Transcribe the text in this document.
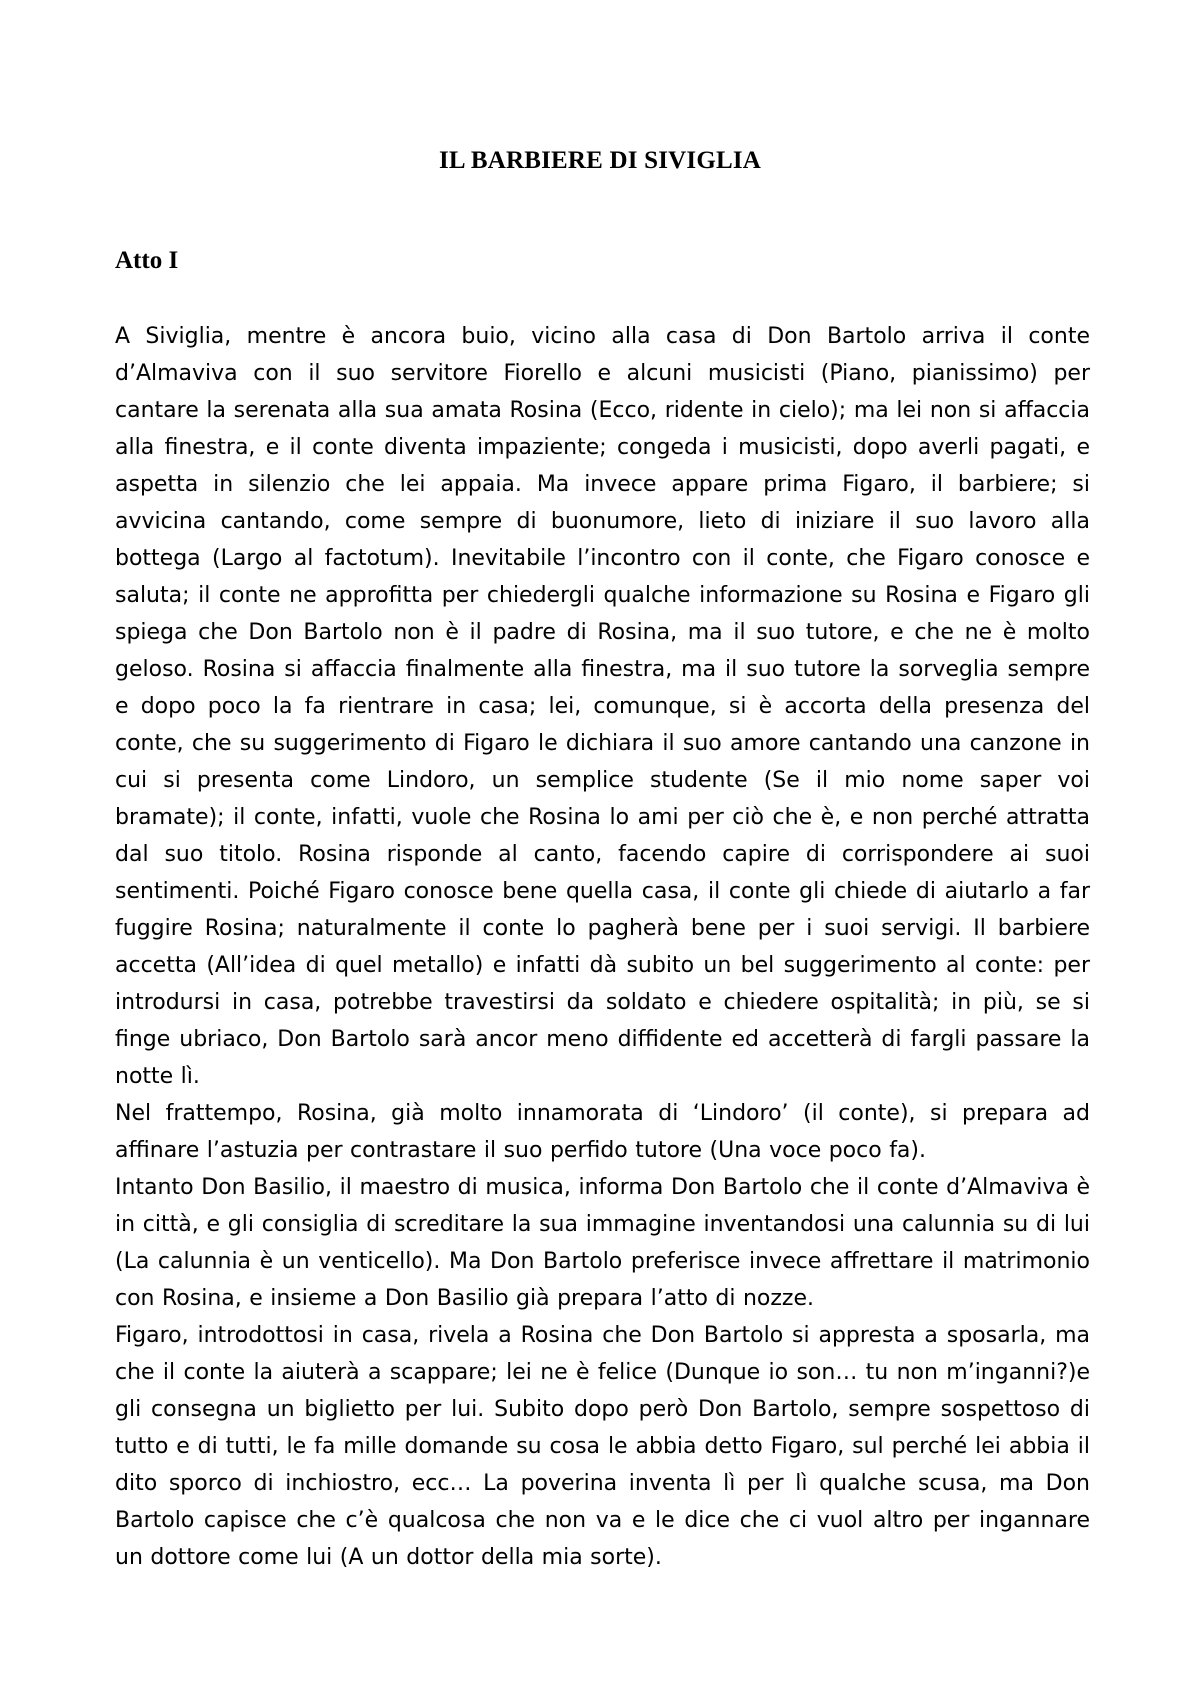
IL BARBIERE DI SIVIGLIA
Atto I

A Siviglia, mentre è ancora buio, vicino alla casa di Don Bartolo arriva il conte d’Almaviva con il suo servitore Fiorello e alcuni musicisti (Piano, pianissimo) per cantare la serenata alla sua amata Rosina (Ecco, ridente in cielo); ma lei non si affaccia alla finestra, e il conte diventa impaziente; congeda i musicisti, dopo averli pagati, e aspetta in silenzio che lei appaia. Ma invece appare prima Figaro, il barbiere; si avvicina cantando, come sempre di buonumore, lieto di iniziare il suo lavoro alla bottega (Largo al factotum). Inevitabile l’incontro con il conte, che Figaro conosce e saluta; il conte ne approfitta per chiedergli qualche informazione su Rosina e Figaro gli spiega che Don Bartolo non è il padre di Rosina, ma il suo tutore, e che ne è molto geloso. Rosina si affaccia finalmente alla finestra, ma il suo tutore la sorveglia sempre e dopo poco la fa rientrare in casa; lei, comunque, si è accorta della presenza del conte, che su suggerimento di Figaro le dichiara il suo amore cantando una canzone in cui si presenta come Lindoro, un semplice studente (Se il mio nome saper voi bramate); il conte, infatti, vuole che Rosina lo ami per ciò che è, e non perché attratta dal suo titolo. Rosina risponde al canto, facendo capire di corrispondere ai suoi sentimenti. Poiché Figaro conosce bene quella casa, il conte gli chiede di aiutarlo a far fuggire Rosina; naturalmente il conte lo pagherà bene per i suoi servigi. Il barbiere accetta (All’idea di quel metallo) e infatti dà subito un bel suggerimento al conte: per introdursi in casa, potrebbe travestirsi da soldato e chiedere ospitalità; in più, se si finge ubriaco, Don Bartolo sarà ancor meno diffidente ed accetterà di fargli passare la notte lì.

Nel frattempo, Rosina, già molto innamorata di ‘Lindoro’ (il conte), si prepara ad affinare l’astuzia per contrastare il suo perfido tutore (Una voce poco fa).

Intanto Don Basilio, il maestro di musica, informa Don Bartolo che il conte d’Almaviva è in città, e gli consiglia di screditare la sua immagine inventandosi una calunnia su di lui (La calunnia è un venticello). Ma Don Bartolo preferisce invece affrettare il matrimonio con Rosina, e insieme a Don Basilio già prepara l’atto di nozze.

Figaro, introdottosi in casa, rivela a Rosina che Don Bartolo si appresta a sposarla, ma che il conte la aiuterà a scappare; lei ne è felice (Dunque io son… tu non m’inganni?)e gli consegna un biglietto per lui. Subito dopo però Don Bartolo, sempre sospettoso di tutto e di tutti, le fa mille domande su cosa le abbia detto Figaro, sul perché lei abbia il dito sporco di inchiostro, ecc… La poverina inventa lì per lì qualche scusa, ma Don Bartolo capisce che c’è qualcosa che non va e le dice che ci vuol altro per ingannare un dottore come lui (A un dottor della mia sorte).
